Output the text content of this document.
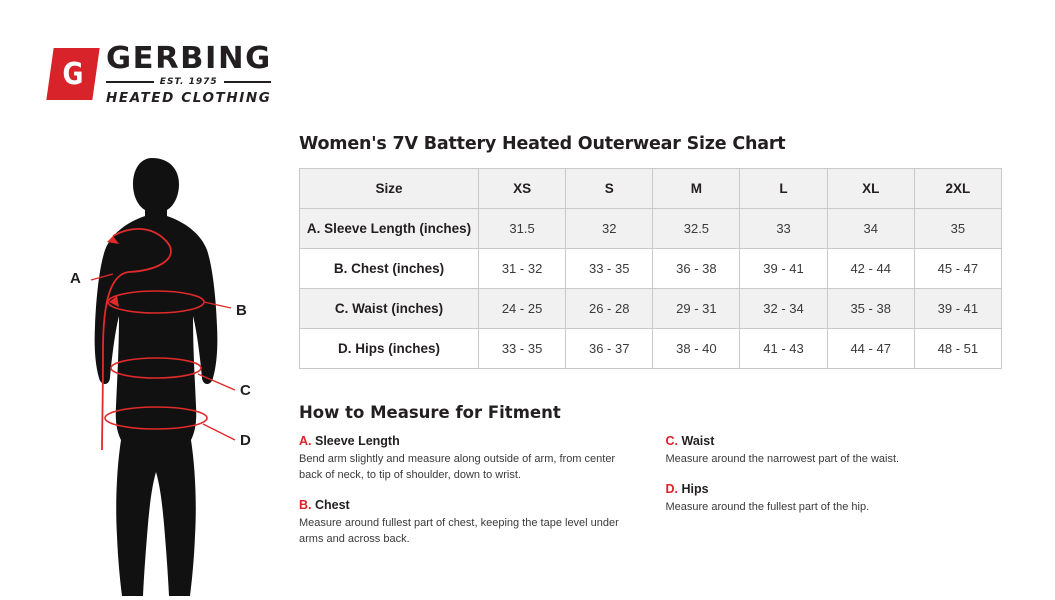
G GERBING
EST. 1975
HEATED CLOTHING
A
B
C
D
Women's 7V Battery Heated Outerwear Size Chart
Size	XS	S	M	L	XL	2XL
A. Sleeve Length (inches)	31.5	32	32.5	33	34	35
B. Chest (inches)	31 - 32	33 - 35	36 - 38	39 - 41	42 - 44	45 - 47
C. Waist (inches)	24 - 25	26 - 28	29 - 31	32 - 34	35 - 38	39 - 41
D. Hips (inches)	33 - 35	36 - 37	38 - 40	41 - 43	44 - 47	48 - 51
How to Measure for Fitment
A. Sleeve Length
Bend arm slightly and measure along outside of arm, from center back of neck, to tip of shoulder, down to wrist.
B. Chest
Measure around fullest part of chest, keeping the tape level under arms and across back.
C. Waist
Measure around the narrowest part of the waist.
D. Hips
Measure around the fullest part of the hip.
